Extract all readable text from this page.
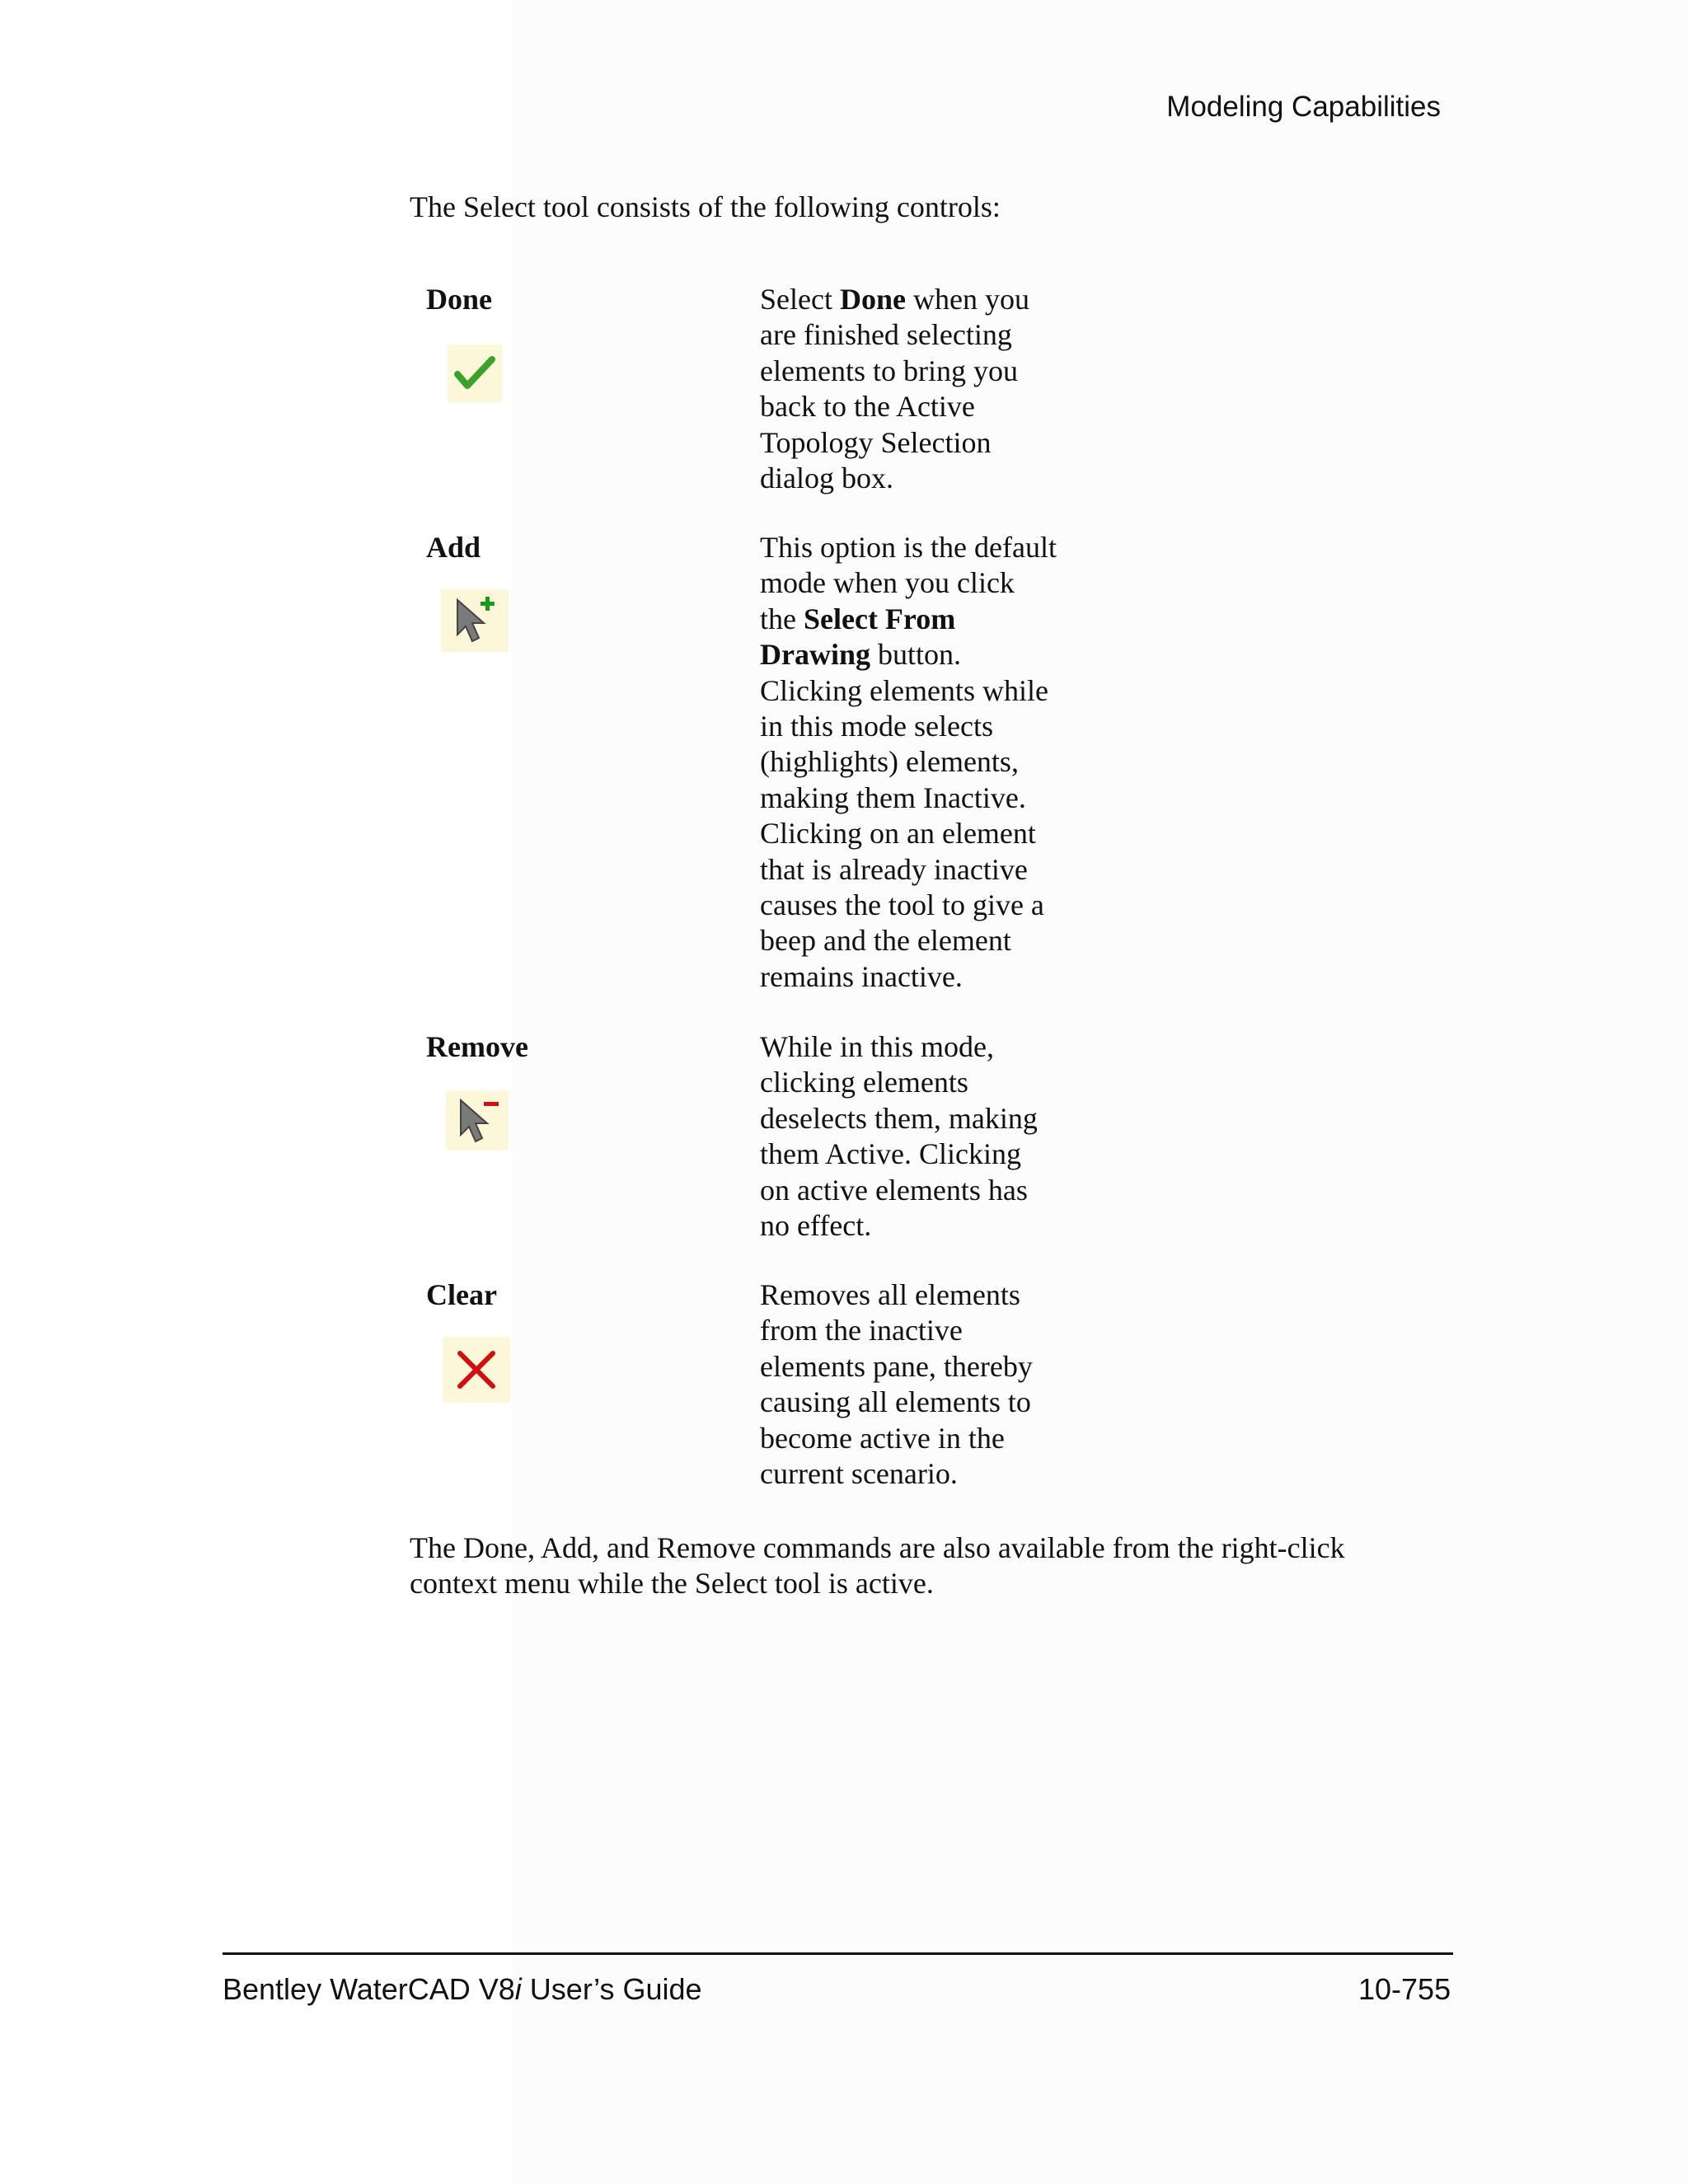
Modeling Capabilities
The Select tool consists of the following controls:
Done	Select Done when you
are finished selecting
elements to bring you
back to the Active
Topology Selection
dialog box.
Add	This option is the default
mode when you click
the Select From
Drawing button.
Clicking elements while
in this mode selects
(highlights) elements,
making them Inactive.
Clicking on an element
that is already inactive
causes the tool to give a
beep and the element
remains inactive.
Remove	While in this mode,
clicking elements
deselects them, making
them Active. Clicking
on active elements has
no effect.
Clear	Removes all elements
from the inactive
elements pane, thereby
causing all elements to
become active in the
current scenario.
The Done, Add, and Remove commands are also available from the right-click context menu while the Select tool is active.
Bentley WaterCAD V8i User’s Guide	10-755
